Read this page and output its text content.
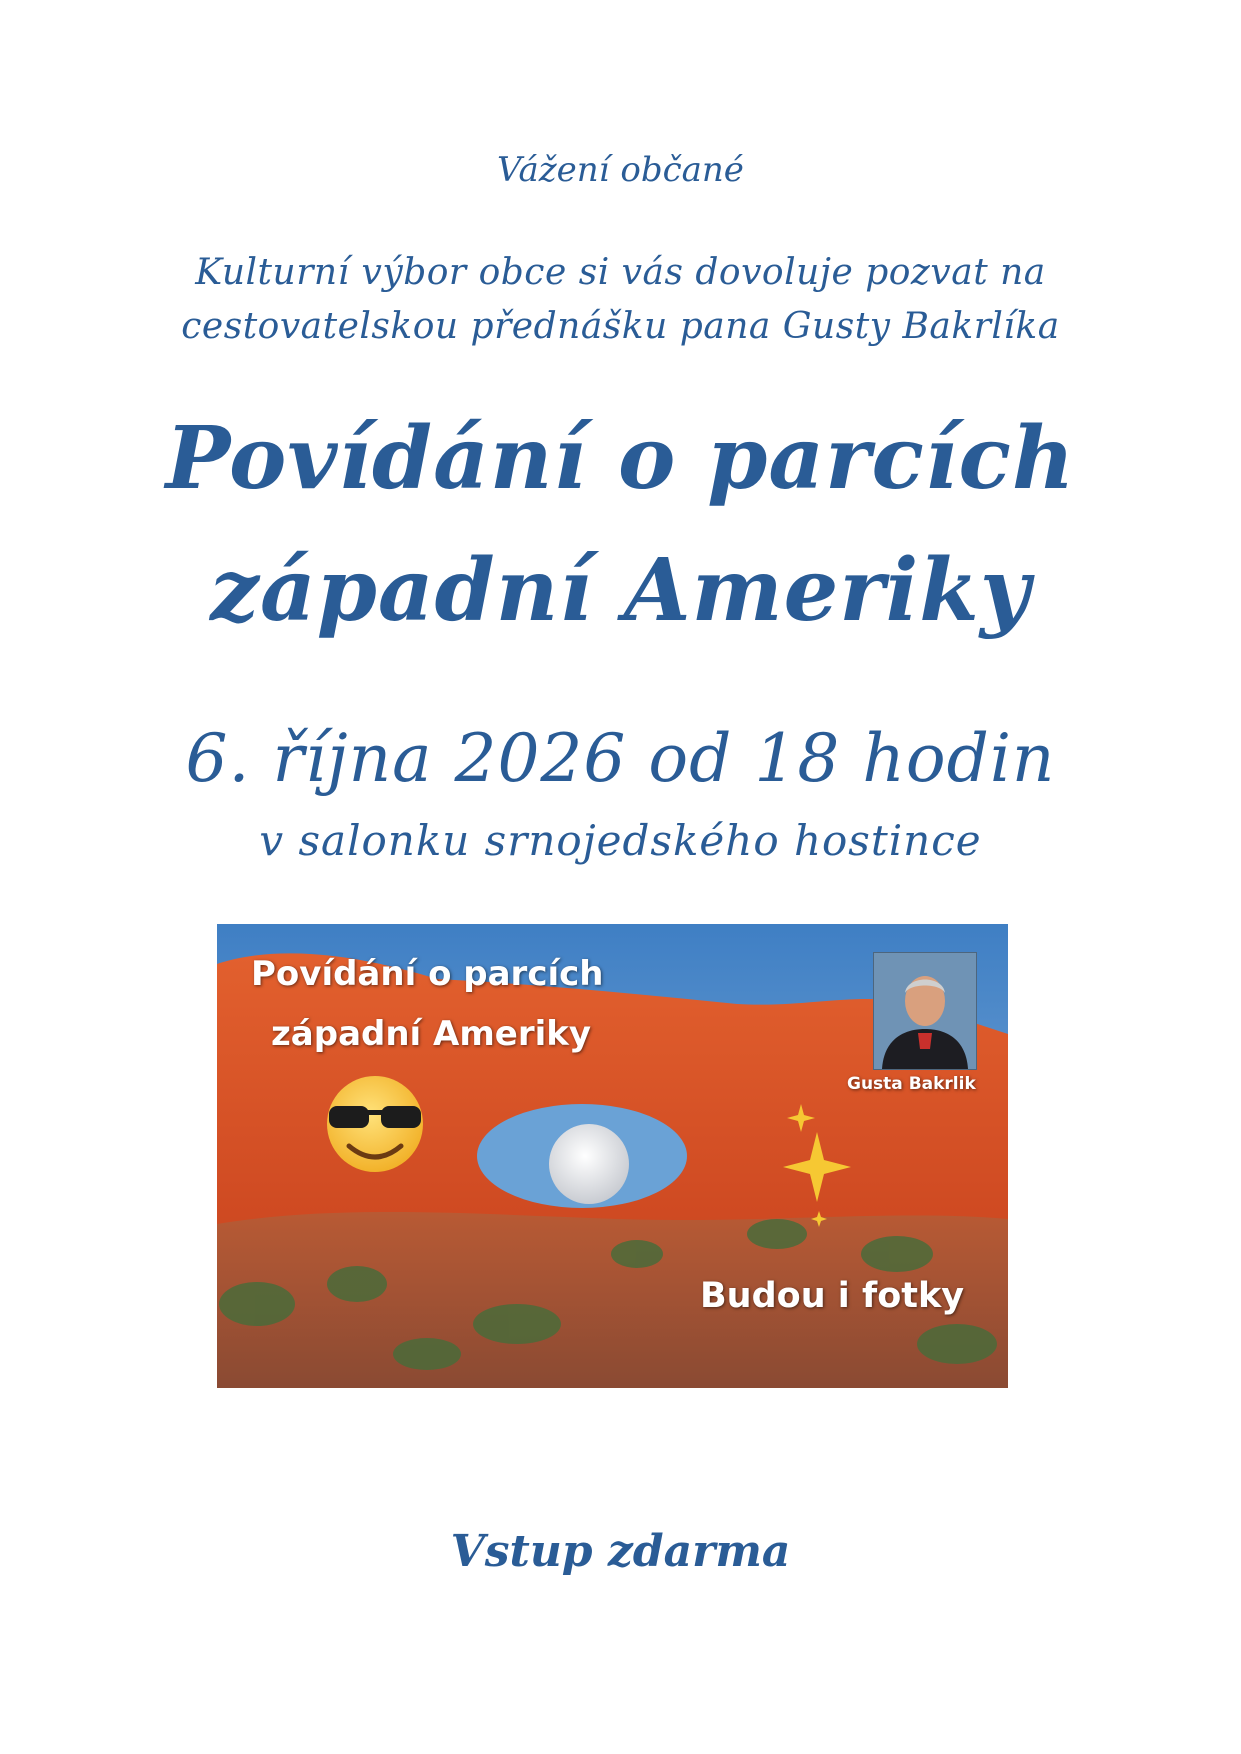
Vážení občané

Kulturní výbor obce si vás dovoluje pozvat na

cestovatelskou přednášku pana Gusty Bakrlíka

Povídání o parcích

západní Ameriky

6. října 2026 od 18 hodin

v salonku srnojedského hostince

Povídání o parcích
západní Ameriky
Gusta Bakrlik
Budou i fotky

Vstup zdarma
